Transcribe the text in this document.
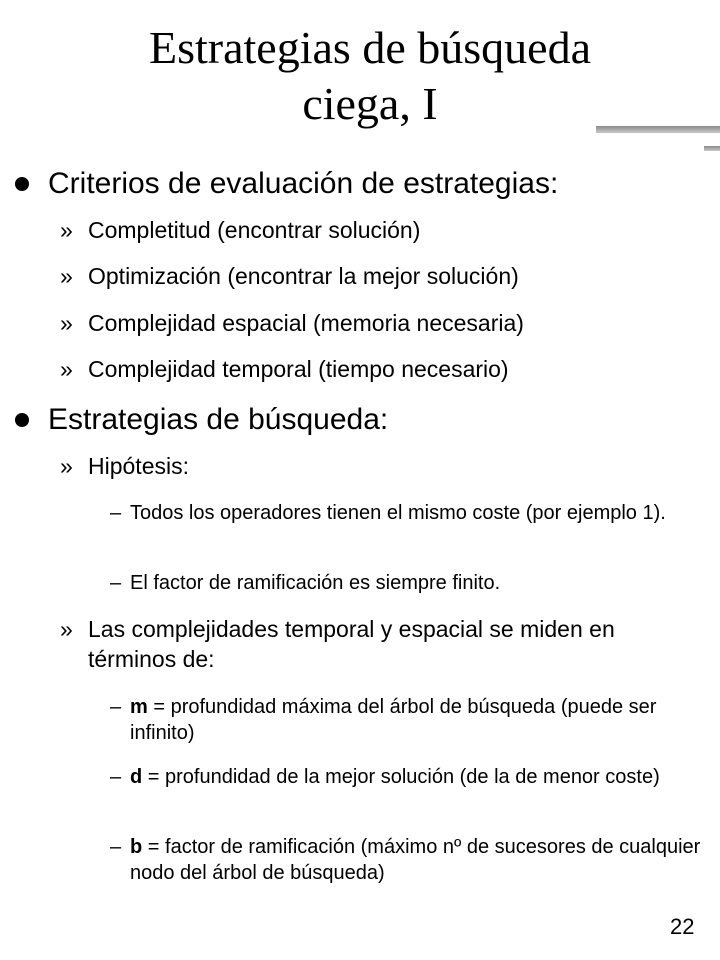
Estrategias de búsqueda
ciega, I
Criterios de evaluación de estrategias:
» Completitud (encontrar solución)
» Optimización (encontrar la mejor solución)
» Complejidad espacial (memoria necesaria)
» Complejidad temporal (tiempo necesario)
Estrategias de búsqueda:
» Hipótesis:
– Todos los operadores tienen el mismo coste (por ejemplo 1).
– El factor de ramificación es siempre finito.
» Las complejidades temporal y espacial se miden en términos de:
– m = profundidad máxima del árbol de búsqueda (puede ser infinito)
– d = profundidad de la mejor solución (de la de menor coste)
– b = factor de ramificación (máximo nº de sucesores de cualquier nodo del árbol de búsqueda)
22
